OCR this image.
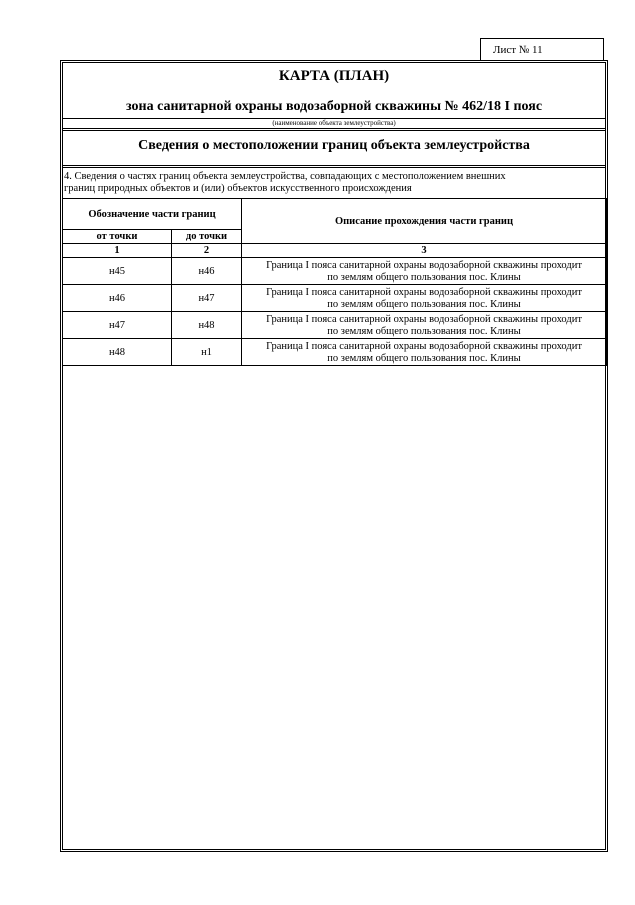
Лист № 11
КАРТА (ПЛАН)
зона санитарной охраны водозаборной скважины № 462/18 I пояс
(наименование объекта землеустройства)
Сведения о местоположении границ объекта землеустройства
4. Сведения о частях границ объекта землеустройства, совпадающих с местоположением внешних
границ природных объектов и (или) объектов искусственного происхождения
Обозначение части границ		Описание прохождения части границ
от точки	до точки	
1	2	3
н45	н46	Граница I пояса санитарной охраны водозаборной скважины проходит
по землям общего пользования пос. Клины

н46	н47	Граница I пояса санитарной охраны водозаборной скважины проходит
по землям общего пользования пос. Клины

н47	н48	Граница I пояса санитарной охраны водозаборной скважины проходит
по землям общего пользования пос. Клины

н48	н1	Граница I пояса санитарной охраны водозаборной скважины проходит
по землям общего пользования пос. Клины
